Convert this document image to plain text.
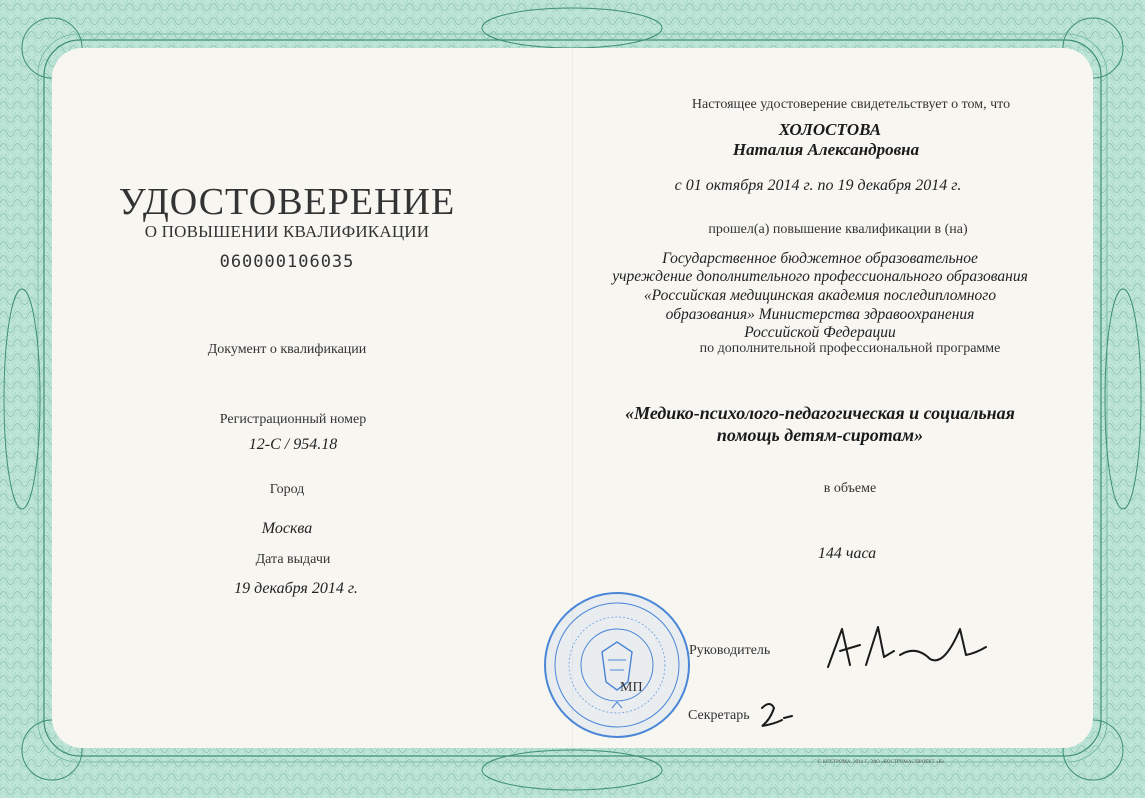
УДОСТОВЕРЕНИЕ
О ПОВЫШЕНИИ КВАЛИФИКАЦИИ
060000106035
Документ о квалификации
Регистрационный номер
12-С / 954.18
Город
Москва
Дата выдачи
19 декабря 2014 г.
Настоящее удостоверение свидетельствует о том, что
ХОЛОСТОВА
Наталия Александровна
с 01 октября 2014 г. по 19 декабря 2014 г.
прошел(а) повышение квалификации в (на)
Государственное бюджетное образовательное
учреждение дополнительного профессионального образования
«Российская медицинская академия последипломного
образования» Министерства здравоохранения
Российской Федерации
по дополнительной профессиональной программе
«Медико-психолого-педагогическая и социальная
помощь детям-сиротам»
в объеме
144 часа
Руководитель
МП
Секретарь
Г. КОСТРОМА, 2014 Г., ЗАО «КОСТРОМА» ПРОЕКТ «В»
